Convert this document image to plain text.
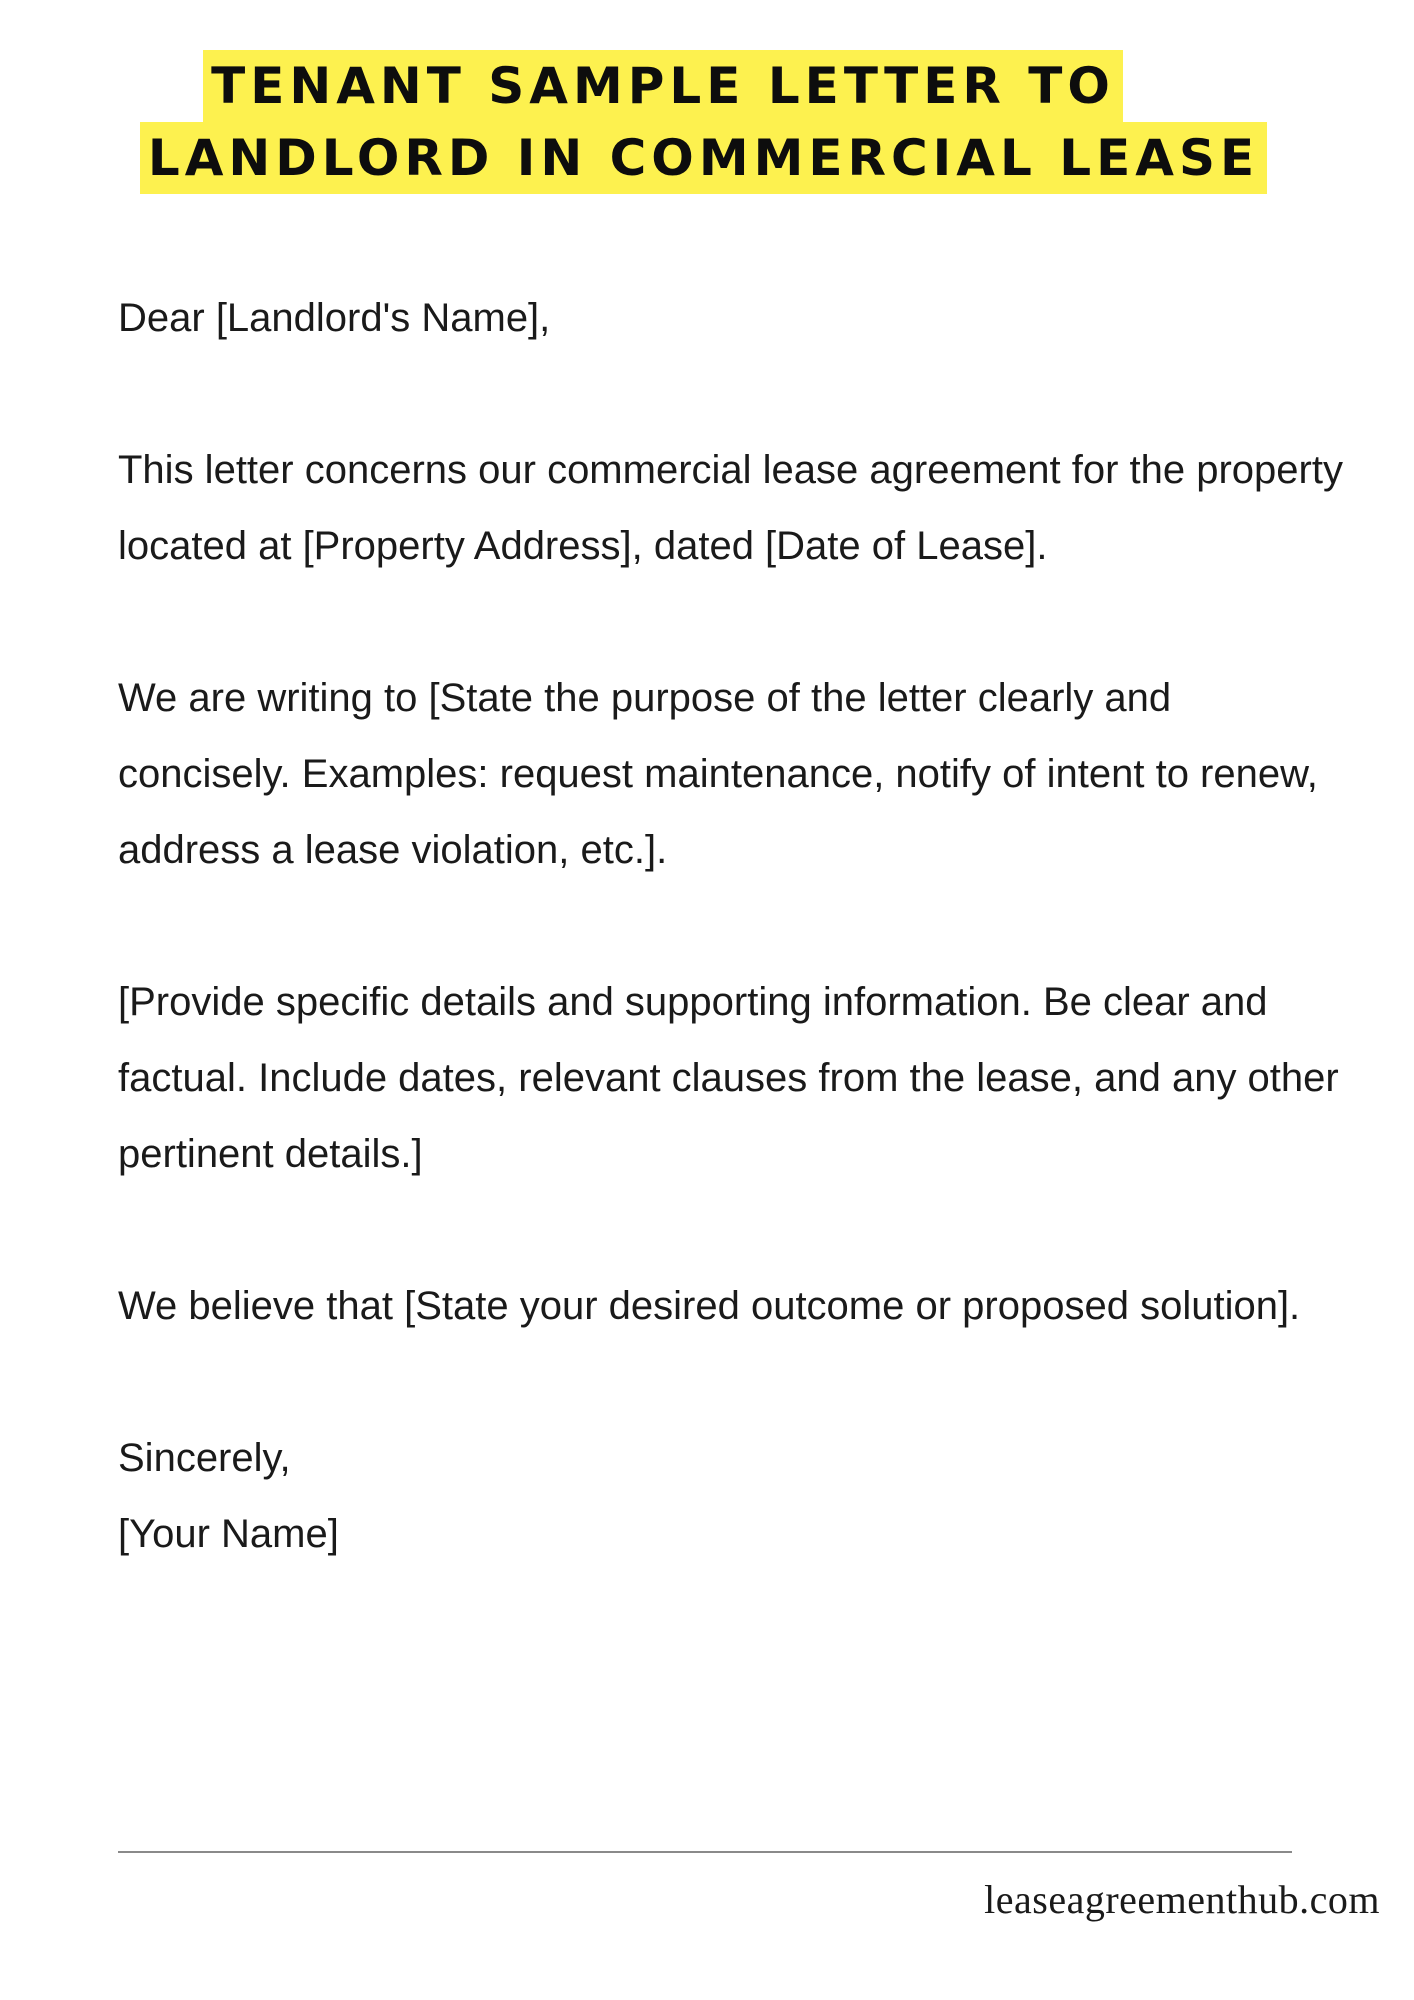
TENANT SAMPLE LETTER TO
LANDLORD IN COMMERCIAL LEASE

Dear [Landlord's Name],

This letter concerns our commercial lease agreement for the property located at [Property Address], dated [Date of Lease].

We are writing to [State the purpose of the letter clearly and concisely. Examples: request maintenance, notify of intent to renew, address a lease violation, etc.].

[Provide specific details and supporting information. Be clear and factual. Include dates, relevant clauses from the lease, and any other pertinent details.]

We believe that [State your desired outcome or proposed solution].

Sincerely,

[Your Name]

leaseagreementhub.com
